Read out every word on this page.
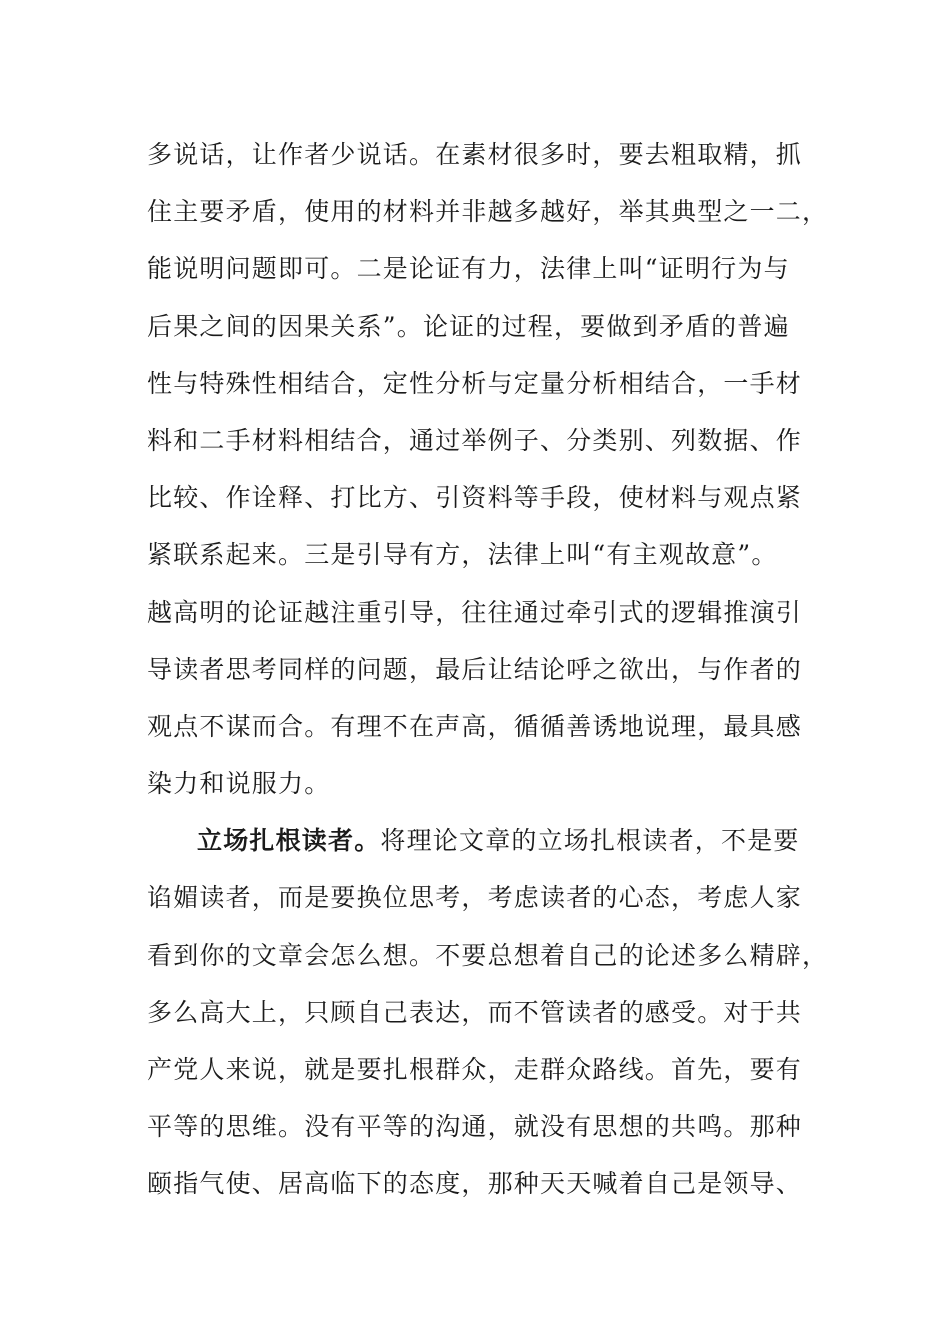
多说话，让作者少说话。在素材很多时，要去粗取精，抓
住主要矛盾，使用的材料并非越多越好，举其典型之一二，
能说明问题即可。二是论证有力，法律上叫“证明行为与
后果之间的因果关系”。论证的过程，要做到矛盾的普遍
性与特殊性相结合，定性分析与定量分析相结合，一手材
料和二手材料相结合，通过举例子、分类别、列数据、作
比较、作诠释、打比方、引资料等手段，使材料与观点紧
紧联系起来。三是引导有方，法律上叫“有主观故意”。
越高明的论证越注重引导，往往通过牵引式的逻辑推演引
导读者思考同样的问题，最后让结论呼之欲出，与作者的
观点不谋而合。有理不在声高，循循善诱地说理，最具感
染力和说服力。
立场扎根读者。将理论文章的立场扎根读者，不是要
谄媚读者，而是要换位思考，考虑读者的心态，考虑人家
看到你的文章会怎么想。不要总想着自己的论述多么精辟，
多么高大上，只顾自己表达，而不管读者的感受。对于共
产党人来说，就是要扎根群众，走群众路线。首先，要有
平等的思维。没有平等的沟通，就没有思想的共鸣。那种
颐指气使、居高临下的态度，那种天天喊着自己是领导、
